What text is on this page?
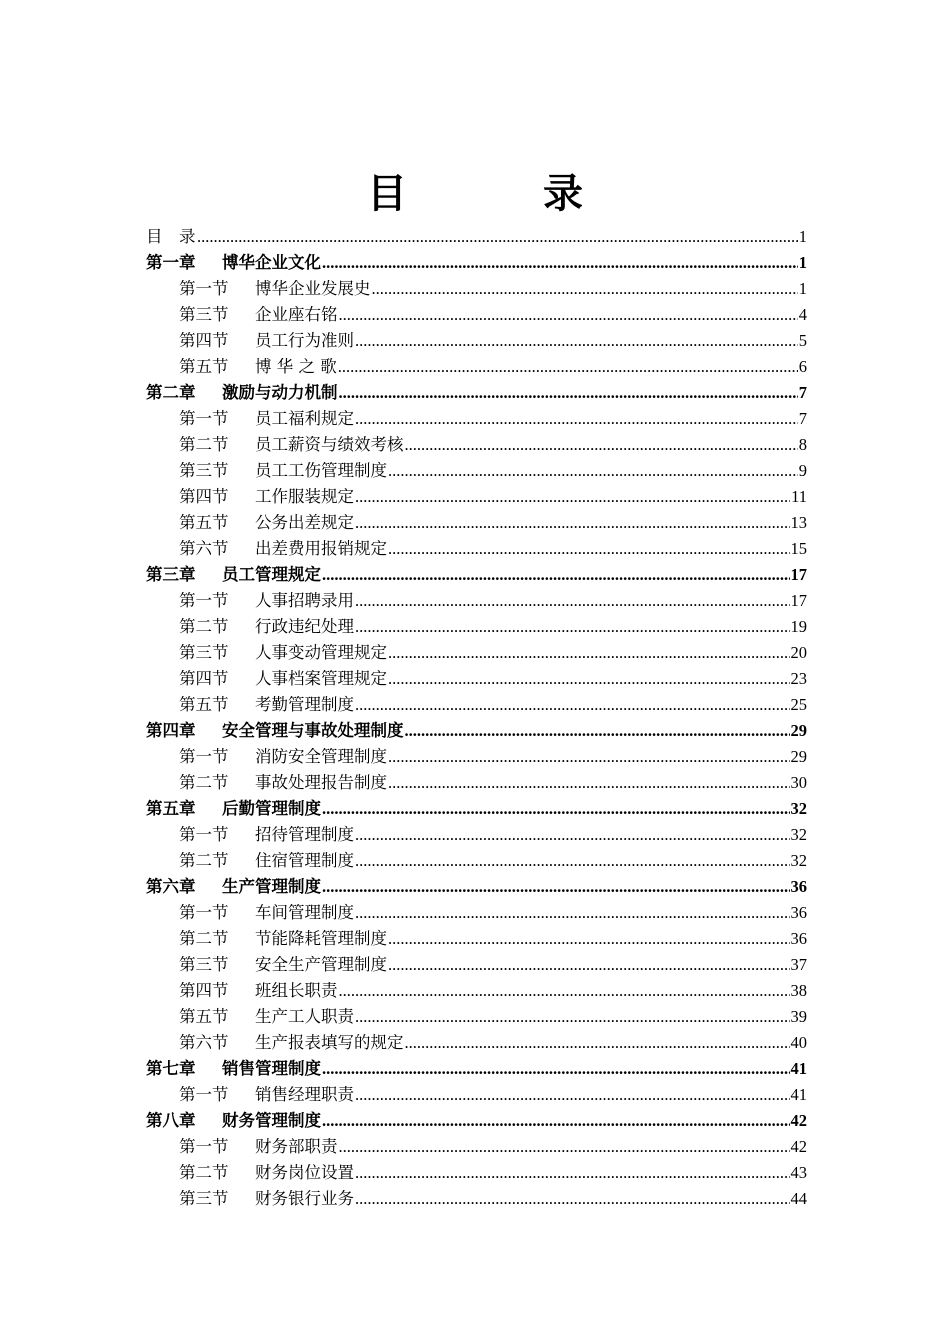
目　录
目　录 .....	1
第一章 博华企业文化 .....	1
第一节 博华企业发展史 .....	1
第三节 企业座右铭 .....	4
第四节 员工行为准则 .....	5
第五节 博 华 之 歌 .....	6
第二章 激励与动力机制 .....	7
第一节 员工福利规定 .....	7
第二节 员工薪资与绩效考核 .....	8
第三节 员工工伤管理制度 .....	9
第四节 工作服装规定 .....	11
第五节 公务出差规定 .....	13
第六节 出差费用报销规定 .....	15
第三章 员工管理规定 .....	17
第一节 人事招聘录用 .....	17
第二节 行政违纪处理 .....	19
第三节 人事变动管理规定 .....	20
第四节 人事档案管理规定 .....	23
第五节 考勤管理制度 .....	25
第四章 安全管理与事故处理制度 .....	29
第一节 消防安全管理制度 .....	29
第二节 事故处理报告制度 .....	30
第五章 后勤管理制度 .....	32
第一节 招待管理制度 .....	32
第二节 住宿管理制度 .....	32
第六章 生产管理制度 .....	36
第一节 车间管理制度 .....	36
第二节 节能降耗管理制度 .....	36
第三节 安全生产管理制度 .....	37
第四节 班组长职责 .....	38
第五节 生产工人职责 .....	39
第六节 生产报表填写的规定 .....	40
第七章 销售管理制度 .....	41
第一节 销售经理职责 .....	41
第八章 财务管理制度 .....	42
第一节 财务部职责 .....	42
第二节 财务岗位设置 .....	43
第三节 财务银行业务 .....	44
